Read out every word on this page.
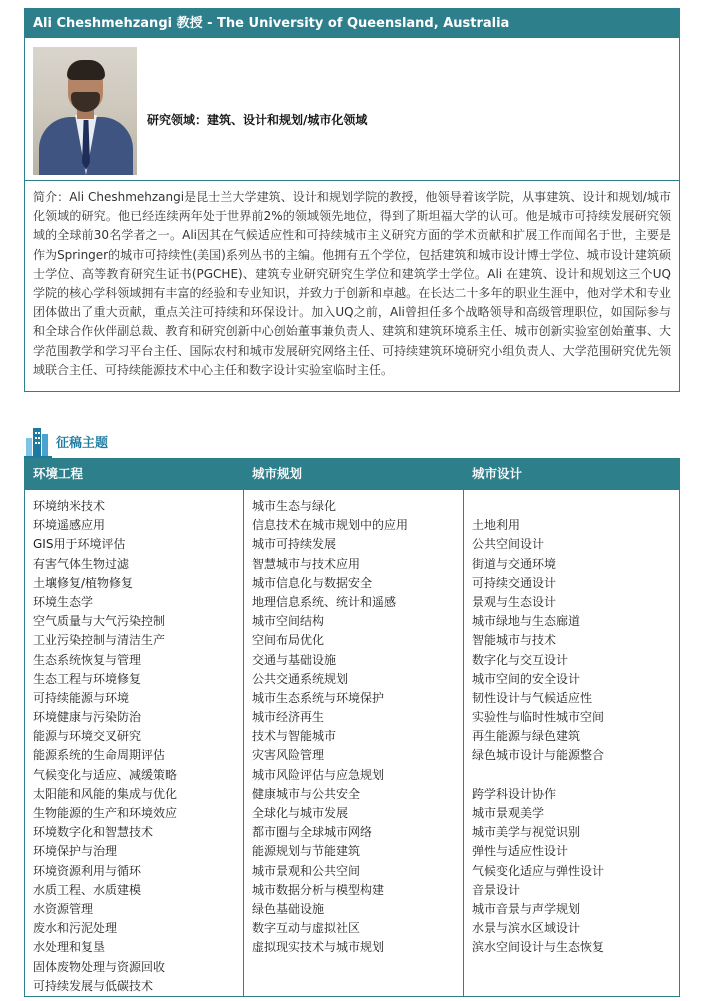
Ali Cheshmehzangi 教授 - The University of Queensland, Australia
研究领域：建筑、设计和规划/城市化领域
简介：Ali Cheshmehzangi是昆士兰大学建筑、设计和规划学院的教授，他领导着该学院，从事建筑、设计和规划/城市化领域的研究。他已经连续两年处于世界前2%的领域领先地位，得到了斯坦福大学的认可。他是城市可持续发展研究领域的全球前30名学者之一。Ali因其在气候适应性和可持续城市主义研究方面的学术贡献和扩展工作而闻名于世，主要是作为Springer的城市可持续性(美国)系列丛书的主编。他拥有五个学位，包括建筑和城市设计博士学位、城市设计建筑硕士学位、高等教育研究生证书(PGCHE)、建筑专业研究研究生学位和建筑学士学位。Ali 在建筑、设计和规划这三个UQ学院的核心学科领域拥有丰富的经验和专业知识，并致力于创新和卓越。在长达二十多年的职业生涯中，他对学术和专业团体做出了重大贡献，重点关注可持续和环保设计。加入UQ之前，Ali曾担任多个战略领导和高级管理职位，如国际参与和全球合作伙伴副总裁、教育和研究创新中心创始董事兼负责人、建筑和建筑环境系主任、城市创新实验室创始董事、大学范围教学和学习平台主任、国际农村和城市发展研究网络主任、可持续建筑环境研究小组负责人、大学范围研究优先领域联合主任、可持续能源技术中心主任和数字设计实验室临时主任。
征稿主题
环境工程
环境纳米技术
环境遥感应用
GIS用于环境评估
有害气体生物过滤
土壤修复/植物修复
环境生态学
空气质量与大气污染控制
工业污染控制与清洁生产
生态系统恢复与管理
生态工程与环境修复
可持续能源与环境
环境健康与污染防治
能源与环境交叉研究
能源系统的生命周期评估
气候变化与适应、减缓策略
太阳能和风能的集成与优化
生物能源的生产和环境效应
环境数字化和智慧技术
环境保护与治理
环境资源利用与循环
水质工程、水质建模
水资源管理
废水和污泥处理
水处理和复垦
固体废物处理与资源回收
可持续发展与低碳技术
城市规划
城市生态与绿化
信息技术在城市规划中的应用
城市可持续发展
智慧城市与技术应用
城市信息化与数据安全
地理信息系统、统计和遥感
城市空间结构
空间布局优化
交通与基础设施
公共交通系统规划
城市生态系统与环境保护
城市经济再生
技术与智能城市
灾害风险管理
城市风险评估与应急规划
健康城市与公共安全
全球化与城市发展
都市圈与全球城市网络
能源规划与节能建筑
城市景观和公共空间
城市数据分析与模型构建
绿色基础设施
数字互动与虚拟社区
虚拟现实技术与城市规划
城市设计
土地利用
公共空间设计
街道与交通环境
可持续交通设计
景观与生态设计
城市绿地与生态廊道
智能城市与技术
数字化与交互设计
城市空间的安全设计
韧性设计与气候适应性
实验性与临时性城市空间
再生能源与绿色建筑
绿色城市设计与能源整合
跨学科设计协作
城市景观美学
城市美学与视觉识别
弹性与适应性设计
气候变化适应与弹性设计
音景设计
城市音景与声学规划
水景与滨水区域设计
滨水空间设计与生态恢复
